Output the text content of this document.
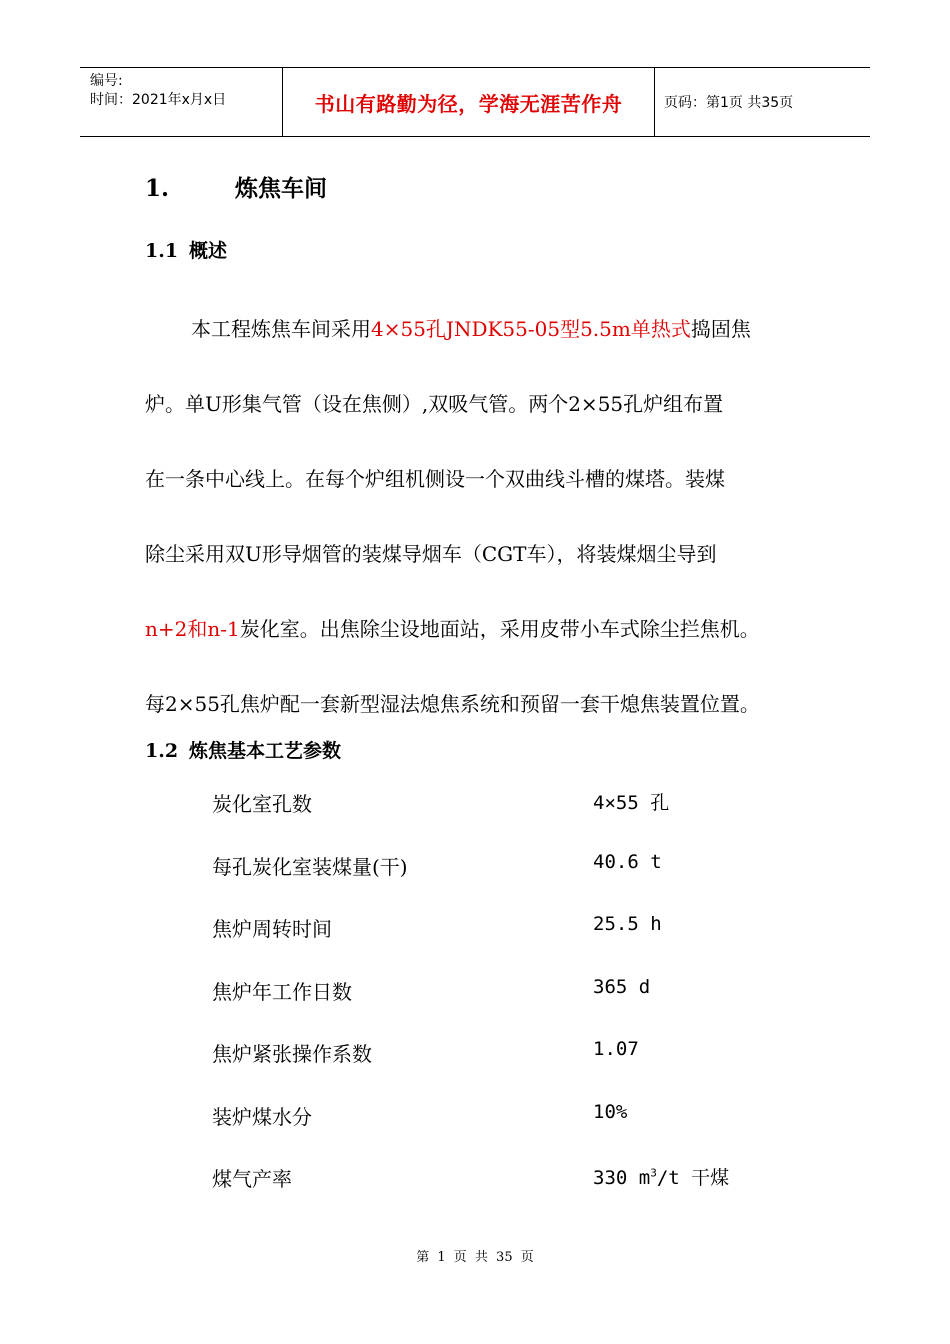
编号:
时间：2021年x月x日	书山有路勤为径，学海无涯苦作舟	页码：第1页 共35页
1.	炼焦车间
1.1 概述
本工程炼焦车间采用4×55孔JNDK55-05型5.5m单热式捣固焦
炉。单U形集气管（设在焦侧）,双吸气管。两个2×55孔炉组布置
在一条中心线上。在每个炉组机侧设一个双曲线斗槽的煤塔。装煤
除尘采用双U形导烟管的装煤导烟车（CGT车），将装煤烟尘导到
n+2和n-1炭化室。出焦除尘设地面站，采用皮带小车式除尘拦焦机。
每2×55孔焦炉配一套新型湿法熄焦系统和预留一套干熄焦装置位置。
1.2 炼焦基本工艺参数
炭化室孔数	4×55 孔
每孔炭化室装煤量(干)	40.6 t
焦炉周转时间	25.5 h
焦炉年工作日数	365 d
焦炉紧张操作系数	1.07
装炉煤水分	10%
煤气产率	330 $m^3/t$ 干煤
第 1 页 共 35 页
